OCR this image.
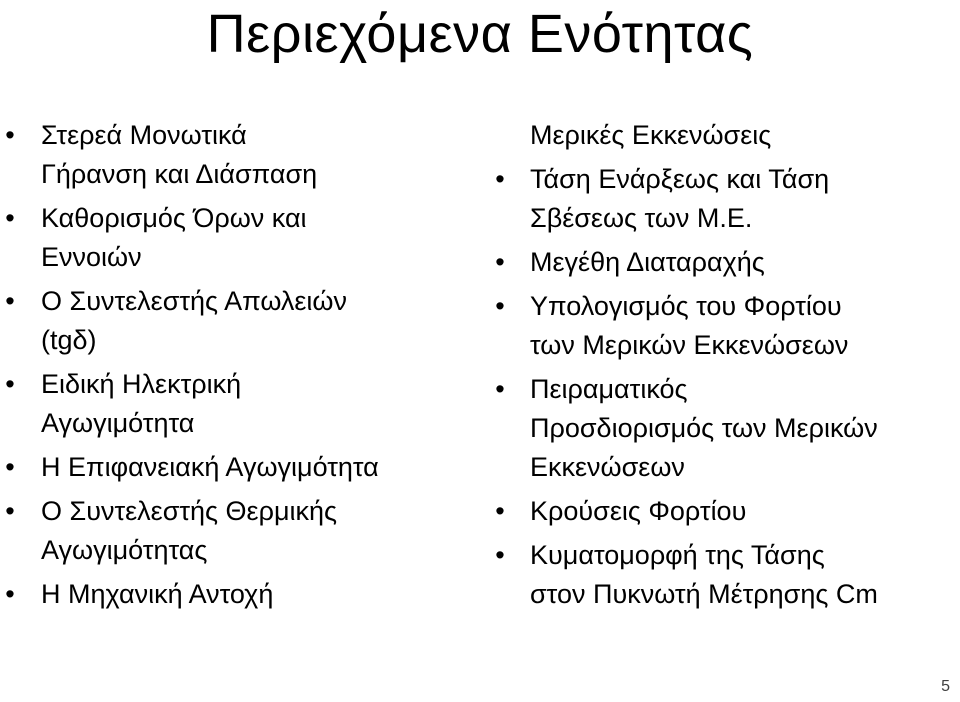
Περιεχόμενα Ενότητας
• Στερεά Μονωτικά
Γήρανση και Διάσπαση
• Καθορισμός Όρων και
Εννοιών
• Ο Συντελεστής Απωλειών
(tgδ)
• Ειδική Ηλεκτρική
Αγωγιμότητα
• Η Επιφανειακή Αγωγιμότητα
• Ο Συντελεστής Θερμικής
Αγωγιμότητας
• Η Μηχανική Αντοχή
Μερικές Εκκενώσεις
• Τάση Ενάρξεως και Τάση
Σβέσεως των Μ.Ε.
• Μεγέθη Διαταραχής
• Υπολογισμός του Φορτίου
των Μερικών Εκκενώσεων
• Πειραματικός
Προσδιορισμός των Μερικών
Εκκενώσεων
• Κρούσεις Φορτίου
• Κυματομορφή της Τάσης
στον Πυκνωτή Μέτρησης Cm
5
